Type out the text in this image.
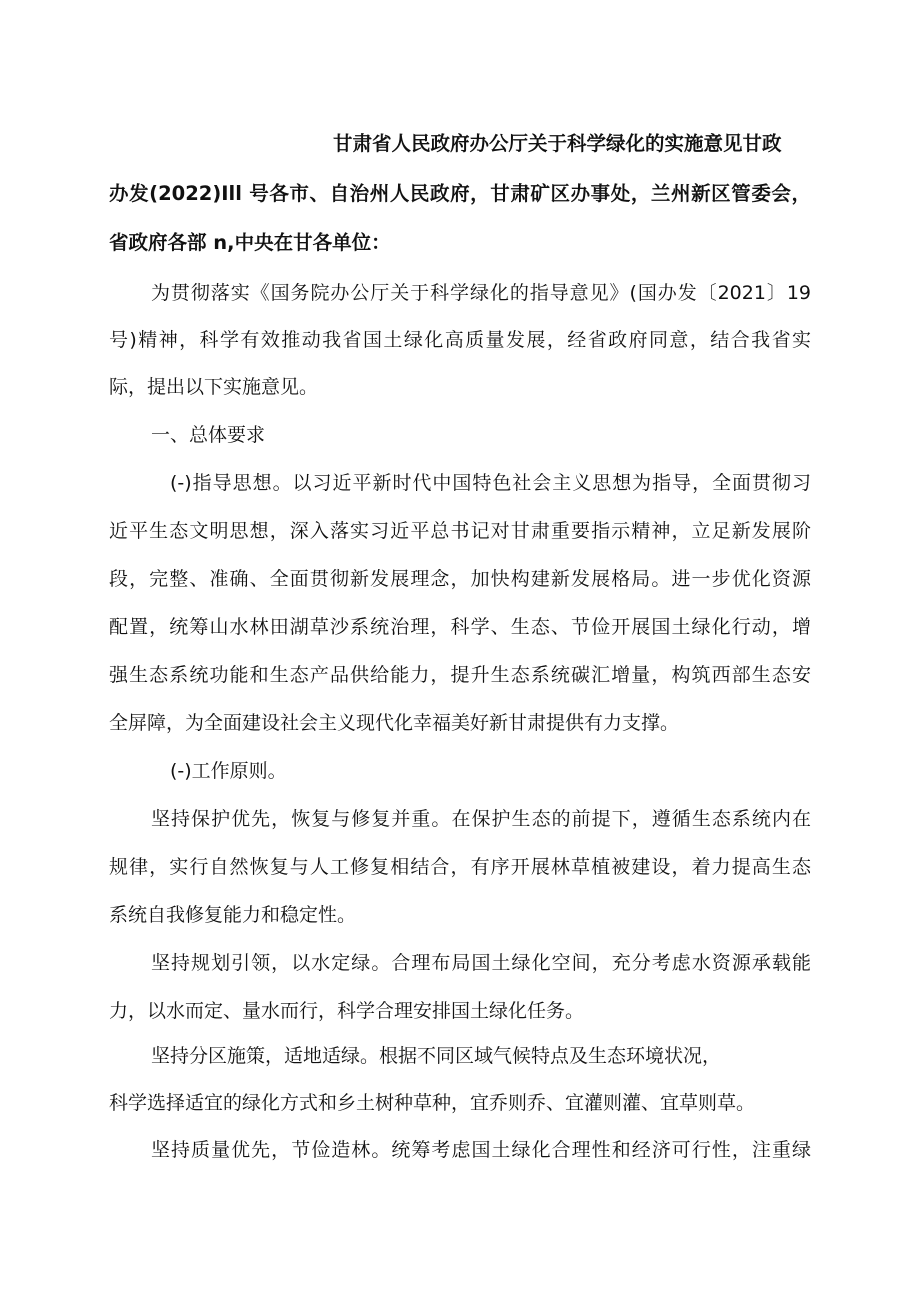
甘肃省人民政府办公厅关于科学绿化的实施意见甘政

办发(2022)Ill 号各市、自治州人民政府，甘肃矿区办事处，兰州新区管委会，

省政府各部 n,中央在甘各单位：

为贯彻落实《国务院办公厅关于科学绿化的指导意见》(国办发〔2021〕19

号)精神，科学有效推动我省国土绿化高质量发展，经省政府同意，结合我省实

际，提出以下实施意见。

一、总体要求

(-)指导思想。以习近平新时代中国特色社会主义思想为指导，全面贯彻习

近平生态文明思想，深入落实习近平总书记对甘肃重要指示精神，立足新发展阶

段，完整、准确、全面贯彻新发展理念，加快构建新发展格局。进一步优化资源

配置，统筹山水林田湖草沙系统治理，科学、生态、节俭开展国土绿化行动，增

强生态系统功能和生态产品供给能力，提升生态系统碳汇增量，构筑西部生态安

全屏障，为全面建设社会主义现代化幸福美好新甘肃提供有力支撑。

(-)工作原则。

坚持保护优先，恢复与修复并重。在保护生态的前提下，遵循生态系统内在

规律，实行自然恢复与人工修复相结合，有序开展林草植被建设，着力提高生态

系统自我修复能力和稳定性。

坚持规划引领，以水定绿。合理布局国土绿化空间，充分考虑水资源承载能

力，以水而定、量水而行，科学合理安排国土绿化任务。

坚持分区施策，适地适绿。根据不同区域气候特点及生态环境状况，

科学选择适宜的绿化方式和乡土树种草种，宜乔则乔、宜灌则灌、宜草则草。

坚持质量优先，节俭造林。统筹考虑国土绿化合理性和经济可行性，注重绿
